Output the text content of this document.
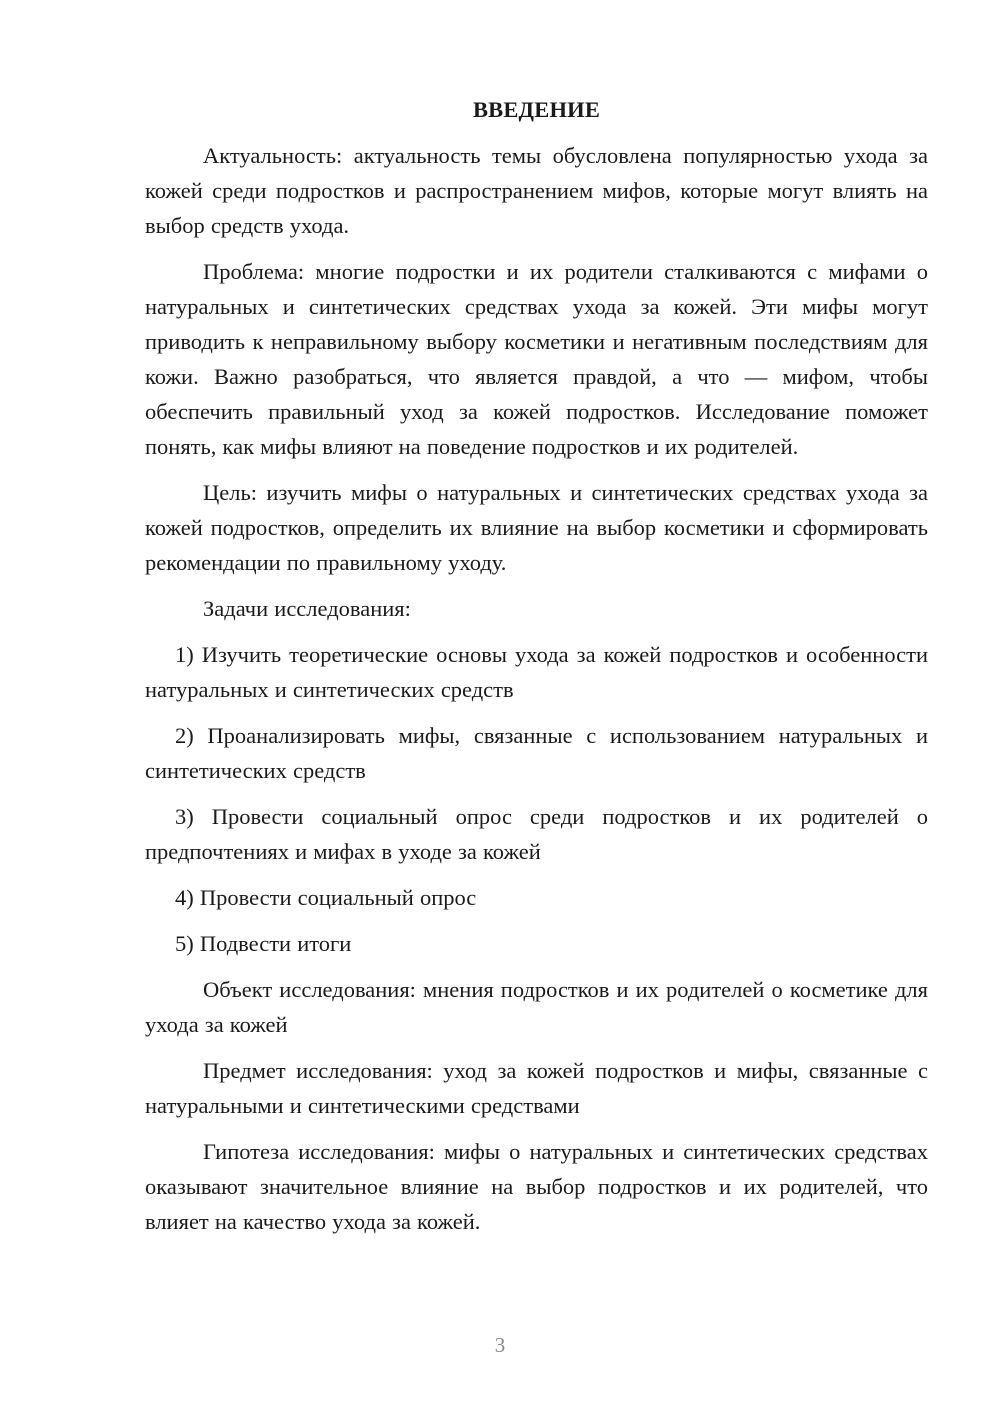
ВВЕДЕНИЕ

Актуальность: актуальность темы обусловлена популярностью ухода за кожей среди подростков и распространением мифов, которые могут влиять на выбор средств ухода.

Проблема: многие подростки и их родители сталкиваются с мифами о натуральных и синтетических средствах ухода за кожей. Эти мифы могут приводить к неправильному выбору косметики и негативным последствиям для кожи. Важно разобраться, что является правдой, а что — мифом, чтобы обеспечить правильный уход за кожей подростков. Исследование поможет понять, как мифы влияют на поведение подростков и их родителей.

Цель: изучить мифы о натуральных и синтетических средствах ухода за кожей подростков, определить их влияние на выбор косметики и сформировать рекомендации по правильному уходу.

Задачи исследования:

1) Изучить теоретические основы ухода за кожей подростков и особенности натуральных и синтетических средств

2) Проанализировать мифы, связанные с использованием натуральных и синтетических средств

3) Провести социальный опрос среди подростков и их родителей о предпочтениях и мифах в уходе за кожей

4) Провести социальный опрос

5) Подвести итоги

Объект исследования: мнения подростков и их родителей о косметике для ухода за кожей

Предмет исследования: уход за кожей подростков и мифы, связанные с натуральными и синтетическими средствами

Гипотеза исследования: мифы о натуральных и синтетических средствах оказывают значительное влияние на выбор подростков и их родителей, что влияет на качество ухода за кожей.

3
